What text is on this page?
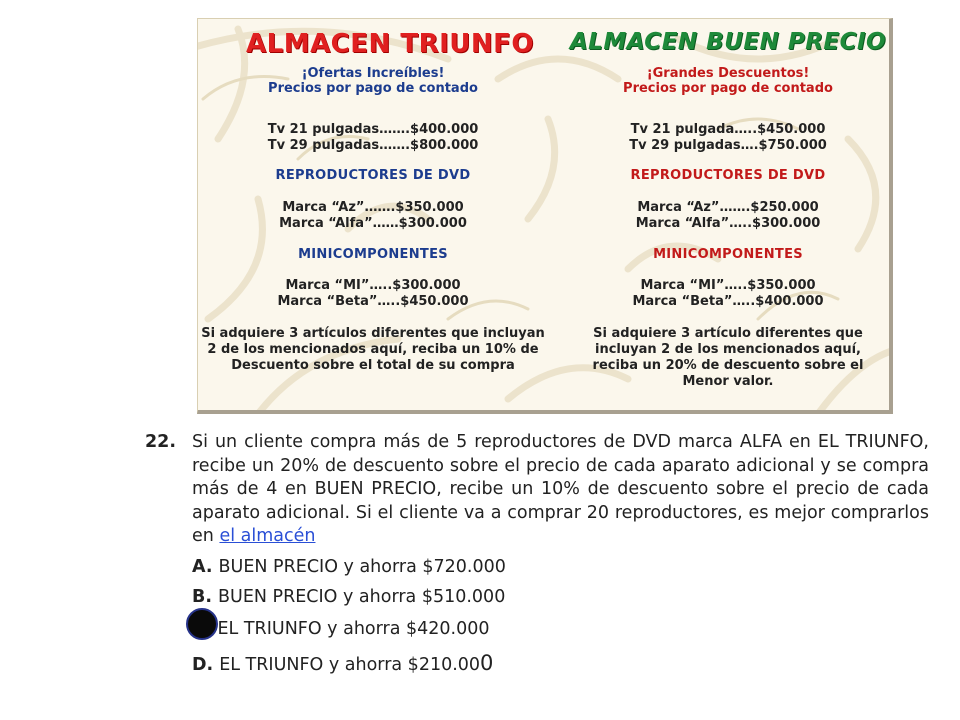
ALMACEN TRIUNFO
¡Ofertas Increíbles!
Precios por pago de contado
Tv 21 pulgadas…….$400.000
Tv 29 pulgadas…….$800.000
REPRODUCTORES DE DVD
Marca “Az”…….$350.000
Marca “Alfa”……$300.000
MINICOMPONENTES
Marca “MI”…..$300.000
Marca “Beta”…..$450.000
Si adquiere 3 artículos diferentes que incluyan
2 de los mencionados aquí, reciba un 10% de
Descuento sobre el total de su compra
ALMACEN BUEN PRECIO
¡Grandes Descuentos!
Precios por pago de contado
Tv 21 pulgada…..$450.000
Tv 29 pulgadas….$750.000
REPRODUCTORES DE DVD
Marca “Az”…….$250.000
Marca “Alfa”…..$300.000
MINICOMPONENTES
Marca “MI”…..$350.000
Marca “Beta”…..$400.000
Si adquiere 3 artículo diferentes que
incluyan 2 de los mencionados aquí,
reciba un 20% de descuento sobre el
Menor valor.
22. Si un cliente compra más de 5 reproductores de DVD marca ALFA en EL TRIUNFO, recibe un 20% de descuento sobre el precio de cada aparato adicional y se compra más de 4 en BUEN PRECIO, recibe un 10% de descuento sobre el precio de cada aparato adicional. Si el cliente va a comprar 20 reproductores, es mejor comprarlos en el almacén
A. BUEN PRECIO y ahorra $720.000
B. BUEN PRECIO y ahorra $510.000
EL TRIUNFO y ahorra $420.000
D. EL TRIUNFO y ahorra $210.000
